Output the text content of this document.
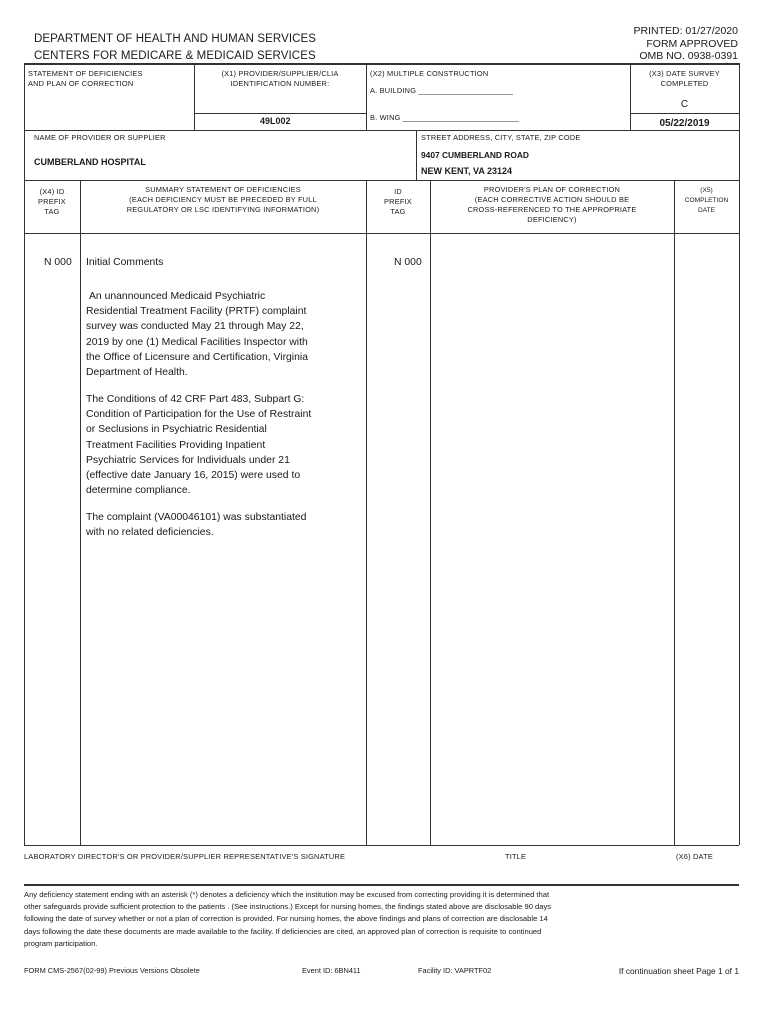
DEPARTMENT OF HEALTH AND HUMAN SERVICES
CENTERS FOR MEDICARE & MEDICAID SERVICES
PRINTED: 01/27/2020
FORM APPROVED
OMB NO. 0938-0391
STATEMENT OF DEFICIENCIES
AND PLAN OF CORRECTION
(X1) PROVIDER/SUPPLIER/CLIA
IDENTIFICATION NUMBER:
49L002
(X2) MULTIPLE CONSTRUCTION
A. BUILDING ______________________
B. WING ___________________________
(X3) DATE SURVEY
COMPLETED
C
05/22/2019
NAME OF PROVIDER OR SUPPLIER
CUMBERLAND HOSPITAL
STREET ADDRESS, CITY, STATE, ZIP CODE
9407 CUMBERLAND ROAD
NEW KENT, VA 23124
(X4) ID
PREFIX
TAG
SUMMARY STATEMENT OF DEFICIENCIES
(EACH DEFICIENCY MUST BE PRECEDED BY FULL
REGULATORY OR LSC IDENTIFYING INFORMATION)
ID
PREFIX
TAG
PROVIDER'S PLAN OF CORRECTION
(EACH CORRECTIVE ACTION SHOULD BE
CROSS-REFERENCED TO THE APPROPRIATE
DEFICIENCY)
(X5)
COMPLETION
DATE
N 000	N 000
Initial Comments
An unannounced Medicaid Psychiatric
Residential Treatment Facility (PRTF) complaint
survey was conducted May 21 through May 22,
2019 by one (1) Medical Facilities Inspector with
the Office of Licensure and Certification, Virginia
Department of Health.
The Conditions of 42 CRF Part 483, Subpart G:
Condition of Participation for the Use of Restraint
or Seclusions in Psychiatric Residential
Treatment Facilities Providing Inpatient
Psychiatric Services for Individuals under 21
(effective date January 16, 2015) were used to
determine compliance.
The complaint (VA00046101) was substantiated
with no related deficiencies.
LABORATORY DIRECTOR'S OR PROVIDER/SUPPLIER REPRESENTATIVE'S SIGNATURE	TITLE	(X6) DATE
Any deficiency statement ending with an asterisk (*) denotes a deficiency which the institution may be excused from correcting providing it is determined that
other safeguards provide sufficient protection to the patients . (See instructions.) Except for nursing homes, the findings stated above are disclosable 90 days
following the date of survey whether or not a plan of correction is provided. For nursing homes, the above findings and plans of correction are disclosable 14
days following the date these documents are made available to the facility. If deficiencies are cited, an approved plan of correction is requisite to continued
program participation.
FORM CMS-2567(02-99) Previous Versions Obsolete	Event ID: 6BN411	Facility ID: VAPRTF02	If continuation sheet Page 1 of 1
